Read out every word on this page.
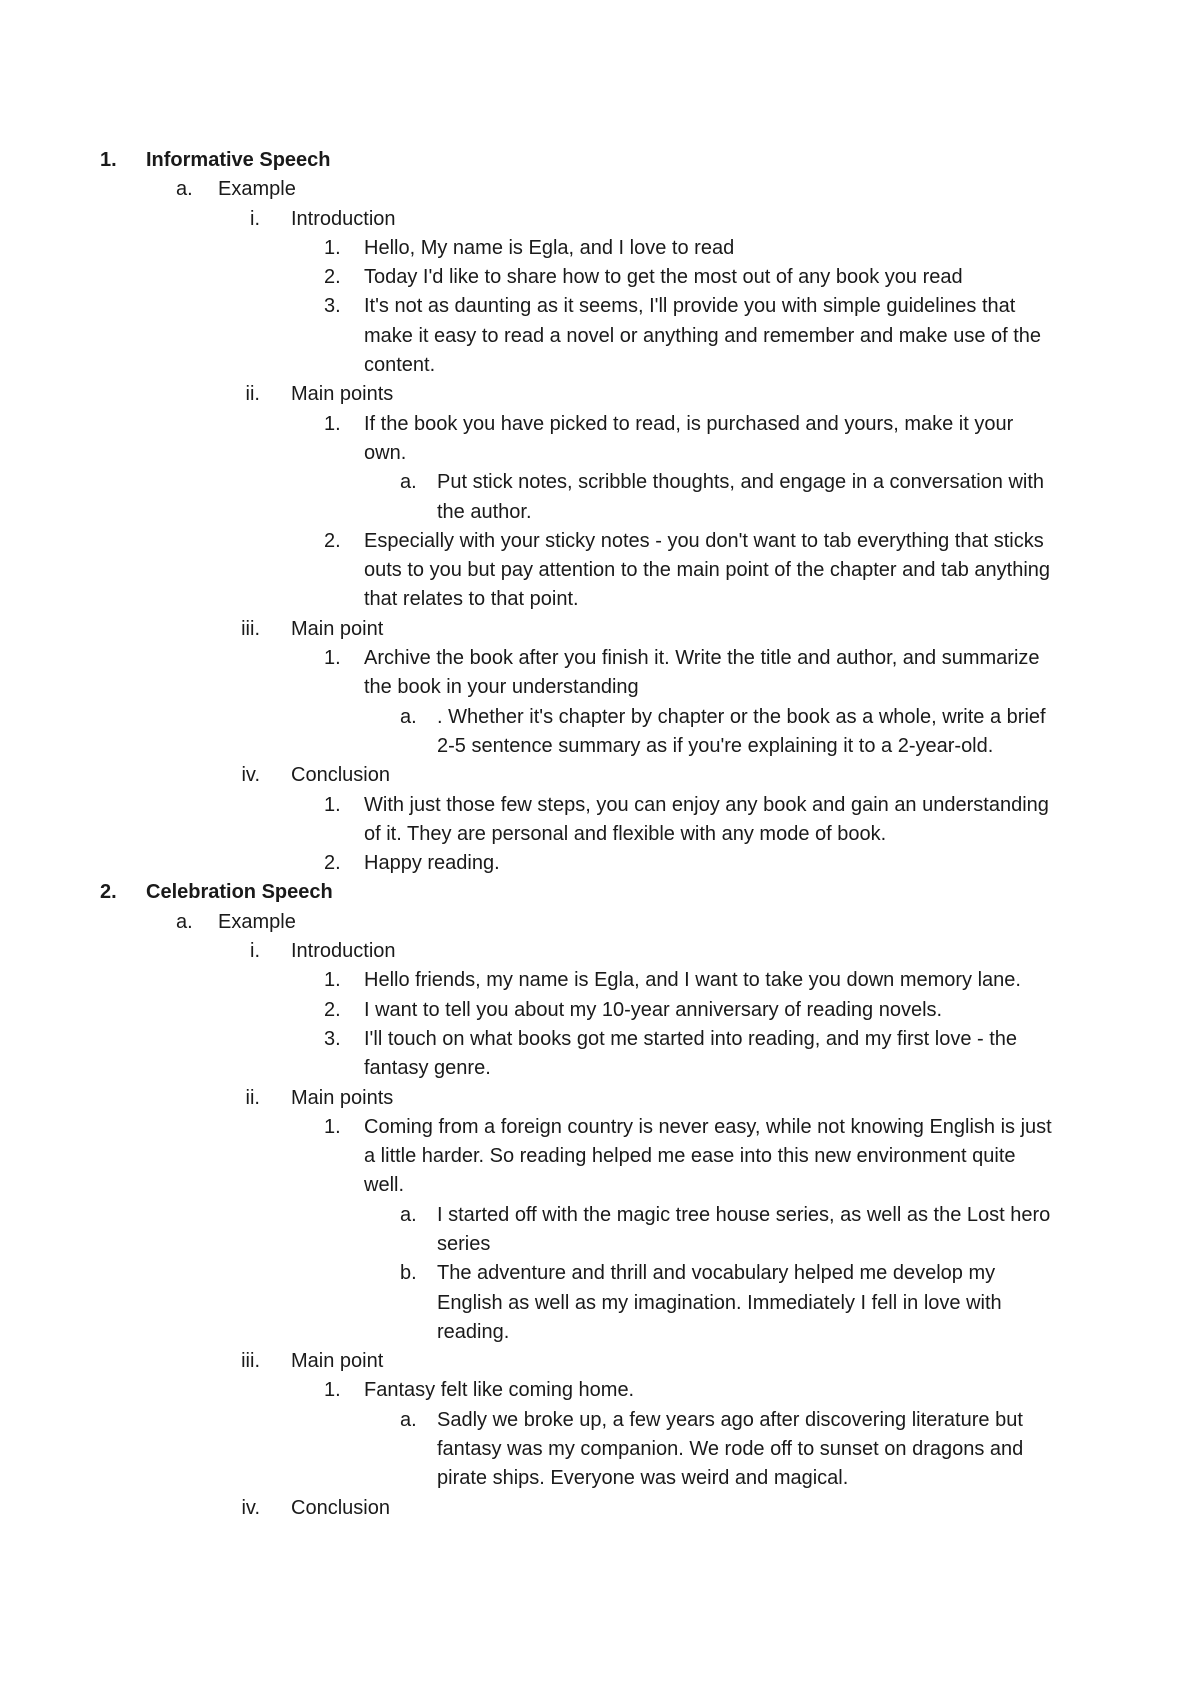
1.	Informative Speech
a.	Example
i. Introduction
1.	Hello, My name is Egla, and I love to read
2.	Today I'd like to share how to get the most out of any book you read
3.	It's not as daunting as it seems, I'll provide you with simple guidelines that
make it easy to read a novel or anything and remember and make use of the
content.
ii. Main points
1.	If the book you have picked to read, is purchased and yours, make it your
own.
a.	Put stick notes, scribble thoughts, and engage in a conversation with
the author.
2.	Especially with your sticky notes - you don't want to tab everything that sticks
outs to you but pay attention to the main point of the chapter and tab anything
that relates to that point.
iii. Main point
1.	Archive the book after you finish it. Write the title and author, and summarize
the book in your understanding
a.	. Whether it's chapter by chapter or the book as a whole, write a brief
2-5 sentence summary as if you're explaining it to a 2-year-old.
iv. Conclusion
1.	With just those few steps, you can enjoy any book and gain an understanding
of it. They are personal and flexible with any mode of book.
2.	Happy reading.
2.	Celebration Speech
a.	Example
i. Introduction
1.	Hello friends, my name is Egla, and I want to take you down memory lane.
2.	I want to tell you about my 10-year anniversary of reading novels.
3.	I'll touch on what books got me started into reading, and my first love - the
fantasy genre.
ii. Main points
1.	Coming from a foreign country is never easy, while not knowing English is just
a little harder. So reading helped me ease into this new environment quite
well.
a.	I started off with the magic tree house series, as well as the Lost hero
series
b.	The adventure and thrill and vocabulary helped me develop my
English as well as my imagination. Immediately I fell in love with
reading.
iii. Main point
1.	Fantasy felt like coming home.
a.	Sadly we broke up, a few years ago after discovering literature but
fantasy was my companion. We rode off to sunset on dragons and
pirate ships. Everyone was weird and magical.
iv. Conclusion
